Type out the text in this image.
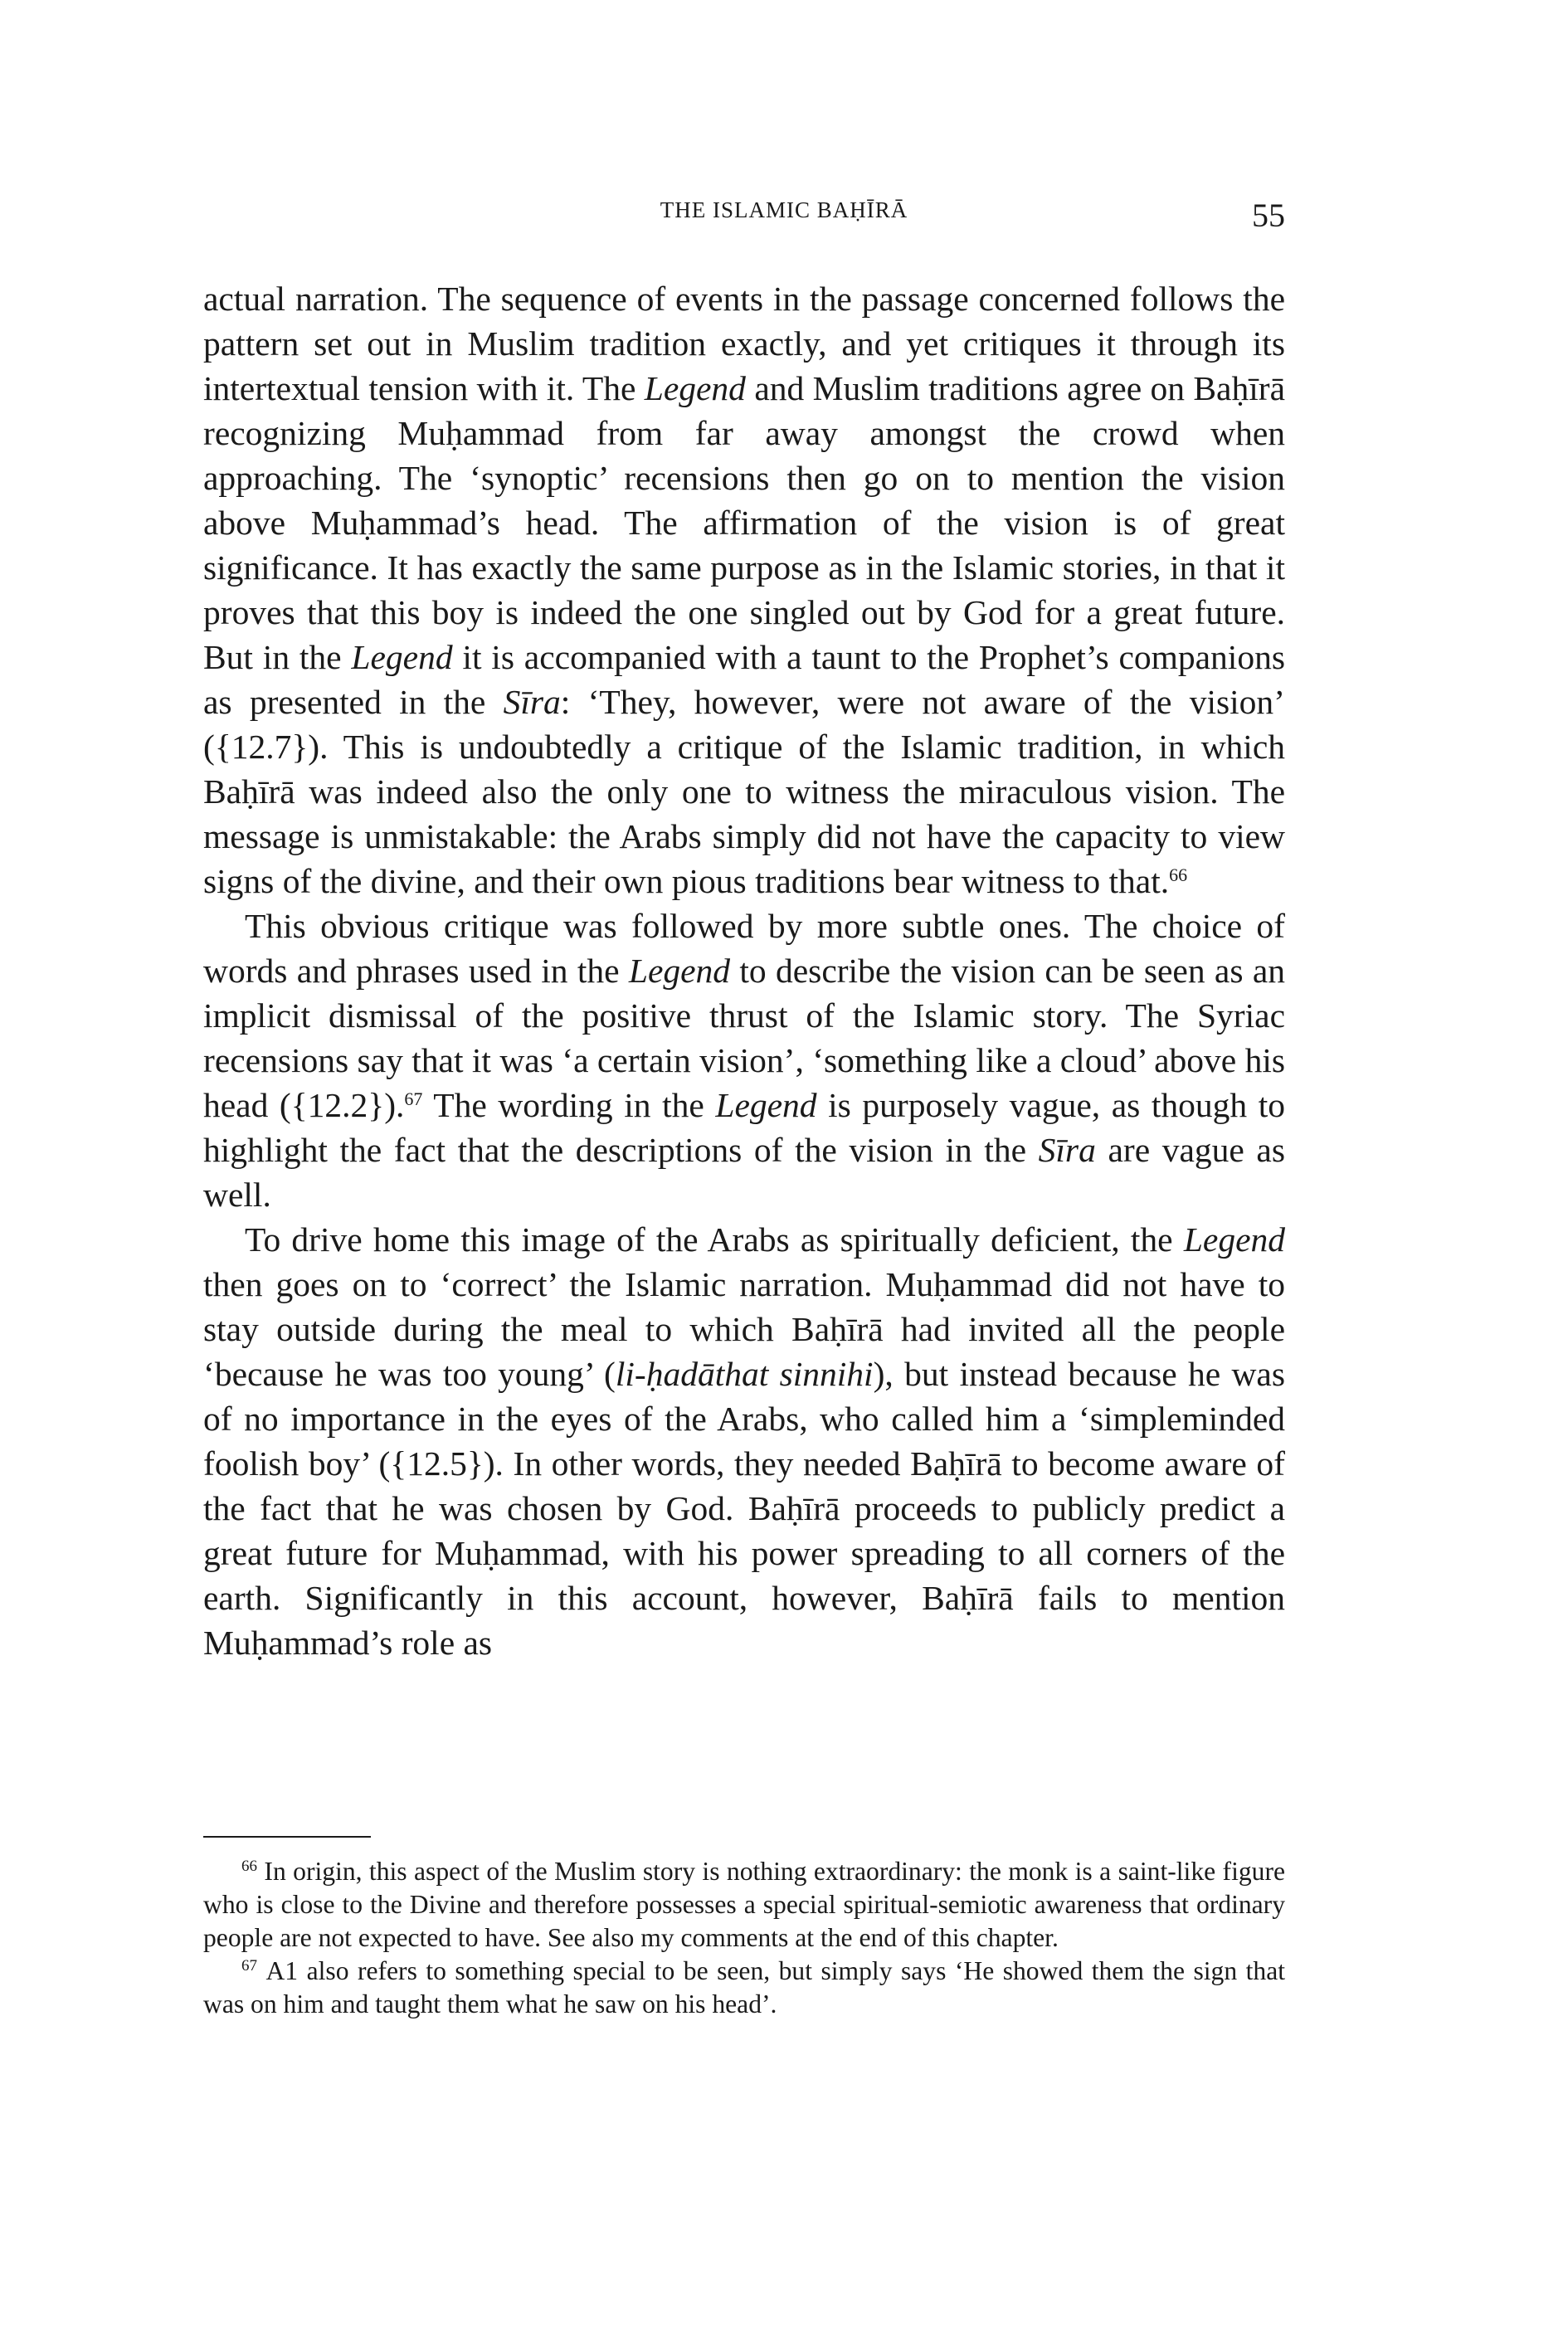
THE ISLAMIC BAḤĪRĀ	55

actual narration. The sequence of events in the passage concerned follows the pattern set out in Muslim tradition exactly, and yet critiques it through its intertextual tension with it. The Legend and Muslim traditions agree on Baḥīrā recognizing Muḥammad from far away amongst the crowd when approaching. The ‘synoptic’ recensions then go on to mention the vision above Muḥammad’s head. The affirmation of the vision is of great significance. It has exactly the same purpose as in the Islamic stories, in that it proves that this boy is indeed the one singled out by God for a great future. But in the Legend it is accompanied with a taunt to the Prophet’s companions as presented in the Sīra: ‘They, however, were not aware of the vision’ ({12.7}). This is undoubtedly a critique of the Islamic tradition, in which Baḥīrā was indeed also the only one to witness the miraculous vision. The message is unmistakable: the Arabs simply did not have the capacity to view signs of the divine, and their own pious traditions bear witness to that.$^{66}$

This obvious critique was followed by more subtle ones. The choice of words and phrases used in the Legend to describe the vision can be seen as an implicit dismissal of the positive thrust of the Islamic story. The Syriac recensions say that it was ‘a certain vision’, ‘something like a cloud’ above his head ({12.2}).$^{67}$ The wording in the Legend is purposely vague, as though to highlight the fact that the descriptions of the vision in the Sīra are vague as well.

To drive home this image of the Arabs as spiritually deficient, the Legend then goes on to ‘correct’ the Islamic narration. Muḥammad did not have to stay outside during the meal to which Baḥīrā had invited all the people ‘because he was too young’ (li-ḥadāthat sinnihi), but instead because he was of no importance in the eyes of the Arabs, who called him a ‘simpleminded foolish boy’ ({12.5}). In other words, they needed Baḥīrā to become aware of the fact that he was chosen by God. Baḥīrā proceeds to publicly predict a great future for Muḥammad, with his power spreading to all corners of the earth. Significantly in this account, however, Baḥīrā fails to mention Muḥammad’s role as

$^{66}$ In origin, this aspect of the Muslim story is nothing extraordinary: the monk is a saint-like figure who is close to the Divine and therefore possesses a special spiritual-semiotic awareness that ordinary people are not expected to have. See also my comments at the end of this chapter.

$^{67}$ A1 also refers to something special to be seen, but simply says ‘He showed them the sign that was on him and taught them what he saw on his head’.
